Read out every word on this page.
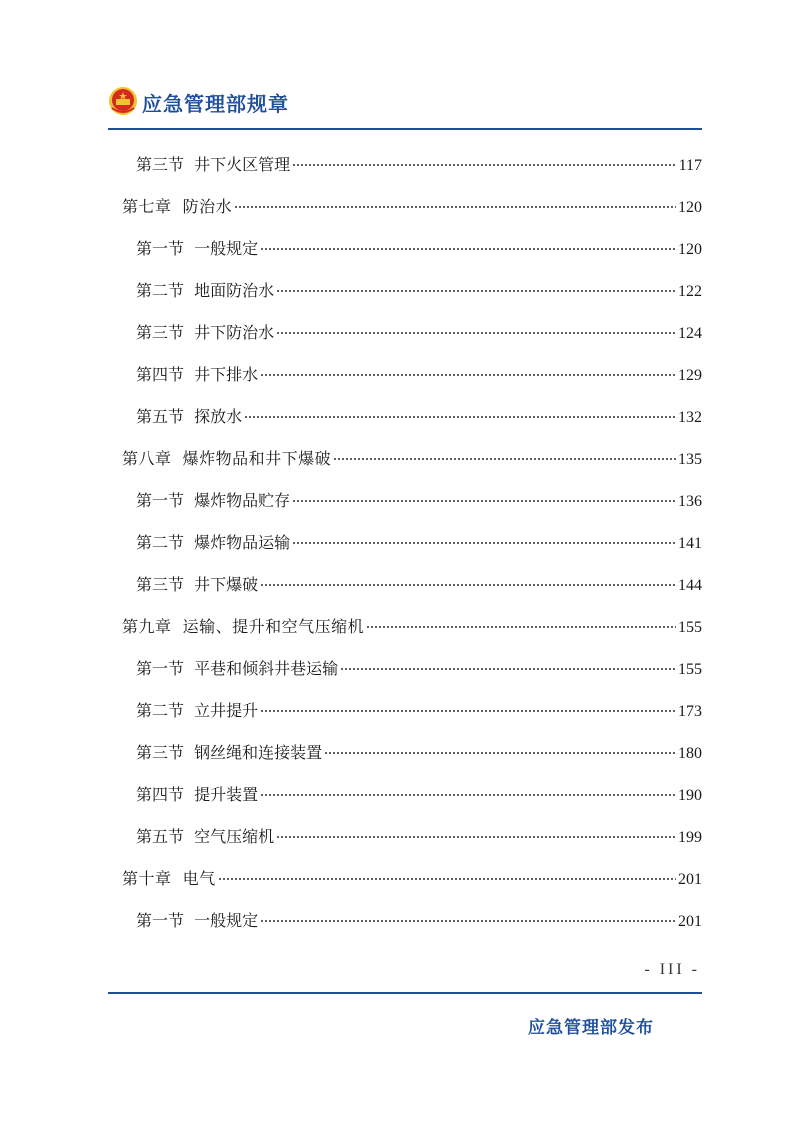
应急管理部规章
第三节  井下火区管理	117
第七章  防治水	120
第一节  一般规定	120
第二节  地面防治水	122
第三节  井下防治水	124
第四节  井下排水	129
第五节  探放水	132
第八章  爆炸物品和井下爆破	135
第一节  爆炸物品贮存	136
第二节  爆炸物品运输	141
第三节  井下爆破	144
第九章  运输、提升和空气压缩机	155
第一节  平巷和倾斜井巷运输	155
第二节  立井提升	173
第三节  钢丝绳和连接装置	180
第四节  提升装置	190
第五节  空气压缩机	199
第十章  电气	201
第一节  一般规定	201
- III -
应急管理部发布
